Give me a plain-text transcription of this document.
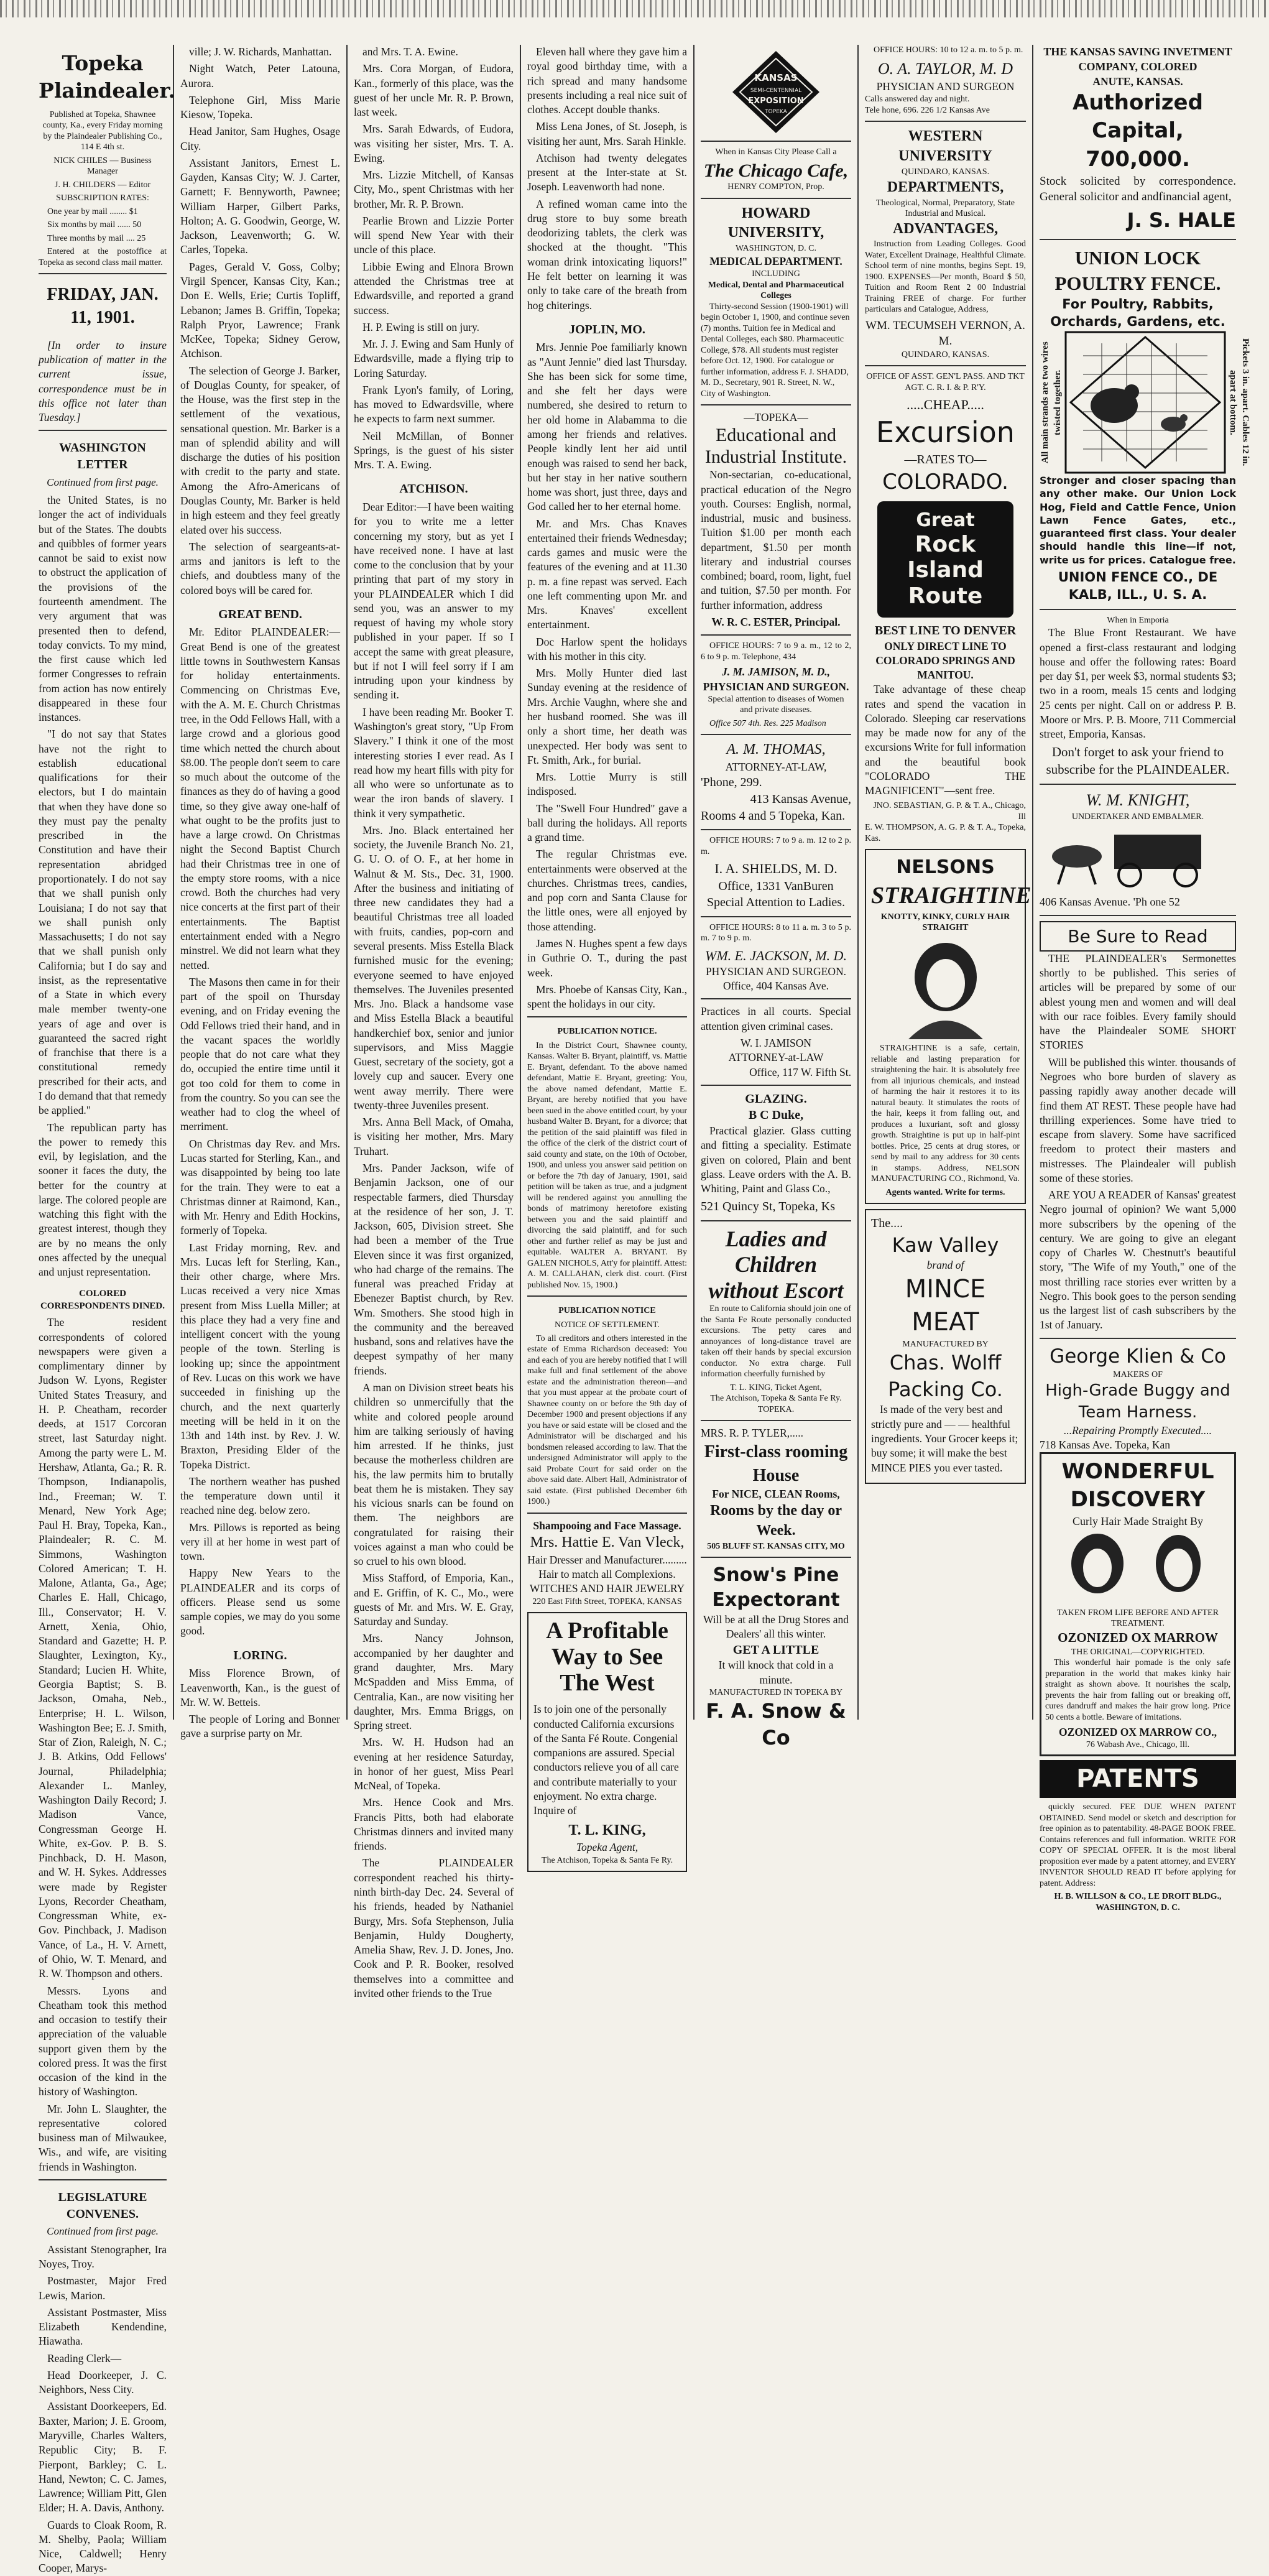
Topeka Plaindealer.

Published at Topeka, Shawnee county, Ka., every Friday morning by the Plaindealer Publishing Co., 114 E 4th st.

NICK CHILES — Business Manager

J. H. CHILDERS — Editor

SUBSCRIPTION RATES:

One year by mail ........ $1

Six months by mail ...... 50

Three months by mail .... 25

Entered at the postoffice at Topeka as second class mail matter.

FRIDAY, JAN. 11, 1901.

[In order to insure publication of matter in the current issue, correspondence must be in this office not later than Tuesday.]

WASHINGTON LETTER
Continued from first page.

the United States, is no longer the act of individuals but of the States. The doubts and quibbles of former years cannot be said to exist now to obstruct the application of the provisions of the fourteenth amendment. The very argument that was presented then to defend, today convicts. To my mind, the first cause which led former Congresses to refrain from action has now entirely disappeared in these four instances.

"I do not say that States have not the right to establish educational qualifications for their electors, but I do maintain that when they have done so they must pay the penalty prescribed in the Constitution and have their representation abridged proportionately. I do not say that we shall punish only Louisiana; I do not say that we shall punish only Massachusetts; I do not say that we shall punish only California; but I do say and insist, as the representative of a State in which every male member twenty-one years of age and over is guaranteed the sacred right of franchise that there is a constitutional remedy prescribed for their acts, and I do demand that that remedy be applied."

The republican party has the power to remedy this evil, by legislation, and the sooner it faces the duty, the better for the country at large. The colored people are watching this fight with the greatest interest, though they are by no means the only ones affected by the unequal and unjust representation.

COLORED CORRESPONDENTS DINED.

The resident correspondents of colored newspapers were given a complimentary dinner by Judson W. Lyons, Register United States Treasury, and H. P. Cheatham, recorder deeds, at 1517 Corcoran street, last Saturday night. Among the party were L. M. Hershaw, Atlanta, Ga.; R. R. Thompson, Indianapolis, Ind., Freeman; W. T. Menard, New York Age; Paul H. Bray, Topeka, Kan., Plaindealer; R. C. M. Simmons, Washington Colored American; T. H. Malone, Atlanta, Ga., Age; Charles E. Hall, Chicago, Ill., Conservator; H. V. Arnett, Xenia, Ohio, Standard and Gazette; H. P. Slaughter, Lexington, Ky., Standard; Lucien H. White, Georgia Baptist; S. B. Jackson, Omaha, Neb., Enterprise; H. L. Wilson, Washington Bee; E. J. Smith, Star of Zion, Raleigh, N. C.; J. B. Atkins, Odd Fellows' Journal, Philadelphia; Alexander L. Manley, Washington Daily Record; J. Madison Vance, Congressman George H. White, ex-Gov. P. B. S. Pinchback, D. H. Mason, and W. H. Sykes. Addresses were made by Register Lyons, Recorder Cheatham, Congressman White, ex-Gov. Pinchback, J. Madison Vance, of La., H. V. Arnett, of Ohio, W. T. Menard, and R. W. Thompson and others.

Messrs. Lyons and Cheatham took this method and occasion to testify their appreciation of the valuable support given them by the colored press. It was the first occasion of the kind in the history of Washington.

Mr. John L. Slaughter, the representative colored business man of Milwaukee, Wis., and wife, are visiting friends in Washington.

LEGISLATURE CONVENES.
Continued from first page.

Assistant Stenographer, Ira Noyes, Troy.

Postmaster, Major Fred Lewis, Marion.

Assistant Postmaster, Miss Elizabeth Kendendine, Hiawatha.

Reading Clerk—

Head Doorkeeper, J. C. Neighbors, Ness City.

Assistant Doorkeepers, Ed. Baxter, Marion; J. E. Groom, Maryville, Charles Walters, Republic City; B. F. Pierpont, Barkley; C. L. Hand, Newton; C. C. James, Lawrence; William Pitt, Glen Elder; H. A. Davis, Anthony.

Guards to Cloak Room, R. M. Shelby, Paola; William Nice, Caldwell; Henry Cooper, Marys-

ville; J. W. Richards, Manhattan.

Night Watch, Peter Latouna, Aurora.

Telephone Girl, Miss Marie Kiesow, Topeka.

Head Janitor, Sam Hughes, Osage City.

Assistant Janitors, Ernest L. Gayden, Kansas City; W. J. Carter, Garnett; F. Bennyworth, Pawnee; William Harper, Gilbert Parks, Holton; A. G. Goodwin, George, W. Jackson, Leavenworth; G. W. Carles, Topeka.

Pages, Gerald V. Goss, Colby; Virgil Spencer, Kansas City, Kan.; Don E. Wells, Erie; Curtis Topliff, Lebanon; James B. Griffin, Topeka; Ralph Pryor, Lawrence; Frank McKee, Topeka; Sidney Gerow, Atchison.

The selection of George J. Barker, of Douglas County, for speaker, of the House, was the first step in the settlement of the vexatious, sensational question. Mr. Barker is a man of splendid ability and will discharge the duties of his position with credit to the party and state. Among the Afro-Americans of Douglas County, Mr. Barker is held in high esteem and they feel greatly elated over his success.

The selection of seargeants-at-arms and janitors is left to the chiefs, and doubtless many of the colored boys will be cared for.

GREAT BEND.

Mr. Editor PLAINDEALER:—Great Bend is one of the greatest little towns in Southwestern Kansas for holiday entertainments. Commencing on Christmas Eve, with the A. M. E. Church Christmas tree, in the Odd Fellows Hall, with a large crowd and a glorious good time which netted the church about $8.00. The people don't seem to care so much about the outcome of the finances as they do of having a good time, so they give away one-half of what ought to be the profits just to have a large crowd. On Christmas night the Second Baptist Church had their Christmas tree in one of the empty store rooms, with a nice crowd. Both the churches had very nice concerts at the first part of their entertainments. The Baptist entertainment ended with a Negro minstrel. We did not learn what they netted.

The Masons then came in for their part of the spoil on Thursday evening, and on Friday evening the Odd Fellows tried their hand, and in the vacant spaces the worldly people that do not care what they do, occupied the entire time until it got too cold for them to come in from the country. So you can see the weather had to clog the wheel of merriment.

On Christmas day Rev. and Mrs. Lucas started for Sterling, Kan., and was disappointed by being too late for the train. They were to eat a Christmas dinner at Raimond, Kan., with Mr. Henry and Edith Hockins, formerly of Topeka.

Last Friday morning, Rev. and Mrs. Lucas left for Sterling, Kan., their other charge, where Mrs. Lucas received a very nice Xmas present from Miss Luella Miller; at this place they had a very fine and intelligent concert with the young people of the town. Sterling is looking up; since the appointment of Rev. Lucas on this work we have succeeded in finishing up the church, and the next quarterly meeting will be held in it on the 13th and 14th inst. by Rev. J. W. Braxton, Presiding Elder of the Topeka District.

The northern weather has pushed the temperature down until it reached nine deg. below zero.

Mrs. Pillows is reported as being very ill at her home in west part of town.

Happy New Years to the PLAINDEALER and its corps of officers. Please send us some sample copies, we may do you some good.

LORING.

Miss Florence Brown, of Leavenworth, Kan., is the guest of Mr. W. W. Betteis.

The people of Loring and Bonner gave a surprise party on Mr.

and Mrs. T. A. Ewine.

Mrs. Cora Morgan, of Eudora, Kan., formerly of this place, was the guest of her uncle Mr. R. P. Brown, last week.

Mrs. Sarah Edwards, of Eudora, was visiting her sister, Mrs. T. A. Ewing.

Mrs. Lizzie Mitchell, of Kansas City, Mo., spent Christmas with her brother, Mr. R. P. Brown.

Pearlie Brown and Lizzie Porter will spend New Year with their uncle of this place.

Libbie Ewing and Elnora Brown attended the Christmas tree at Edwardsville, and reported a grand success.

H. P. Ewing is still on jury.

Mr. J. J. Ewing and Sam Hunly of Edwardsville, made a flying trip to Loring Saturday.

Frank Lyon's family, of Loring, has moved to Edwardsville, where he expects to farm next summer.

Neil McMillan, of Bonner Springs, is the guest of his sister Mrs. T. A. Ewing.

ATCHISON.

Dear Editor:—I have been waiting for you to write me a letter concerning my story, but as yet I have received none. I have at last come to the conclusion that by your printing that part of my story in your PLAINDEALER which I did send you, was an answer to my request of having my whole story published in your paper. If so I accept the same with great pleasure, but if not I will feel sorry if I am intruding upon your kindness by sending it.

I have been reading Mr. Booker T. Washington's great story, "Up From Slavery." I think it one of the most interesting stories I ever read. As I read how my heart fills with pity for all who were so unfortunate as to wear the iron bands of slavery. I think it very sympathetic.

Mrs. Jno. Black entertained her society, the Juvenile Branch No. 21, G. U. O. of O. F., at her home in Walnut & M. Sts., Dec. 31, 1900. After the business and initiating of three new candidates they had a beautiful Christmas tree all loaded with fruits, candies, pop-corn and several presents. Miss Estella Black furnished music for the evening; everyone seemed to have enjoyed themselves. The Juveniles presented Mrs. Jno. Black a handsome vase and Miss Estella Black a beautiful handkerchief box, senior and junior supervisors, and Miss Maggie Guest, secretary of the society, got a lovely cup and saucer. Every one went away merrily. There were twenty-three Juveniles present.

Mrs. Anna Bell Mack, of Omaha, is visiting her mother, Mrs. Mary Truhart.

Mrs. Pander Jackson, wife of Benjamin Jackson, one of our respectable farmers, died Thursday at the residence of her son, J. T. Jackson, 605, Division street. She had been a member of the True Eleven since it was first organized, who had charge of the remains. The funeral was preached Friday at Ebenezer Baptist church, by Rev. Wm. Smothers. She stood high in the community and the bereaved husband, sons and relatives have the deepest sympathy of her many friends.

A man on Division street beats his children so unmercifully that the white and colored people around him are talking seriously of having him arrested. If he thinks, just because the motherless children are his, the law permits him to brutally beat them he is mistaken. They say his vicious snarls can be found on them. The neighbors are congratulated for raising their voices against a man who could be so cruel to his own blood.

Miss Stafford, of Emporia, Kan., and E. Griffin, of K. C., Mo., were guests of Mr. and Mrs. W. E. Gray, Saturday and Sunday.

Mrs. Nancy Johnson, accompanied by her daughter and grand daughter, Mrs. Mary McSpadden and Miss Emma, of Centralia, Kan., are now visiting her daughter, Mrs. Emma Briggs, on Spring street.

Mrs. W. H. Hudson had an evening at her residence Saturday, in honor of her guest, Miss Pearl McNeal, of Topeka.

Mrs. Hence Cook and Mrs. Francis Pitts, both had elaborate Christmas dinners and invited many friends.

The PLAINDEALER correspondent reached his thirty-ninth birth-day Dec. 24. Several of his friends, headed by Nathaniel Burgy, Mrs. Sofa Stephenson, Julia Benjamin, Huldy Dougherty, Amelia Shaw, Rev. J. D. Jones, Jno. Cook and P. R. Booker, resolved themselves into a committee and invited other friends to the True

Eleven hall where they gave him a royal good birthday time, with a rich spread and many handsome presents including a real nice suit of clothes. Accept double thanks.

Miss Lena Jones, of St. Joseph, is visiting her aunt, Mrs. Sarah Hinkle.

Atchison had twenty delegates present at the Inter-state at St. Joseph. Leavenworth had none.

A refined woman came into the drug store to buy some breath deodorizing tablets, the clerk was shocked at the thought. "This woman drink intoxicating liquors!" He felt better on learning it was only to take care of the breath from hog chiterings.

JOPLIN, MO.

Mrs. Jennie Poe familiarly known as "Aunt Jennie" died last Thursday. She has been sick for some time, and she felt her days were numbered, she desired to return to her old home in Alabamma to die among her friends and relatives. People kindly lent her aid until enough was raised to send her back, but her stay in her native southern home was short, just three, days and God called her to her eternal home.

Mr. and Mrs. Chas Knaves entertained their friends Wednesday; cards games and music were the features of the evening and at 11.30 p. m. a fine repast was served. Each one left commenting upon Mr. and Mrs. Knaves' excellent entertainment.

Doc Harlow spent the holidays with his mother in this city.

Mrs. Molly Hunter died last Sunday evening at the residence of Mrs. Archie Vaughn, where she and her husband roomed. She was ill only a short time, her death was unexpected. Her body was sent to Ft. Smith, Ark., for burial.

Mrs. Lottie Murry is still indisposed.

The "Swell Four Hundred" gave a ball during the holidays. All reports a grand time.

The regular Christmas eve. entertainments were observed at the churches. Christmas trees, candies, and pop corn and Santa Clause for the little ones, were all enjoyed by those attending.

James N. Hughes spent a few days in Guthrie O. T., during the past week.

Mrs. Phoebe of Kansas City, Kan., spent the holidays in our city.

PUBLICATION NOTICE.

In the District Court, Shawnee county, Kansas. Walter B. Bryant, plaintiff, vs. Mattie E. Bryant, defendant. To the above named defendant, Mattie E. Bryant, greeting: You, the above named defendant, Mattie E. Bryant, are hereby notified that you have been sued in the above entitled court, by your husband Walter B. Bryant, for a divorce; that the petition of the said plaintiff was filed in the office of the clerk of the district court of said county and state, on the 10th of October, 1900, and unless you answer said petition on or before the 7th day of January, 1901, said petition will be taken as true, and a judgment will be rendered against you annulling the bonds of matrimony heretofore existing between you and the said plaintiff and divorcing the said plaintiff, and for such other and further relief as may be just and equitable. WALTER A. BRYANT. By GALEN NICHOLS, Att'y for plaintiff. Attest: A. M. CALLAHAN, clerk dist. court. (First published Nov. 15, 1900.)

PUBLICATION NOTICE

NOTICE OF SETTLEMENT.

To all creditors and others interested in the estate of Emma Richardson deceased: You and each of you are hereby notified that I will make full and final settlement of the above estate and the administration thereon—and that you must appear at the probate court of Shawnee county on or before the 9th day of December 1900 and present objections if any you have or said estate will be closed and the Administrator will be discharged and his bondsmen released according to law. That the undersigned Administrator will apply to the said Probate Court for said order on the above said date. Albert Hall, Administrator of said estate. (First published December 6th 1900.)

Shampooing and Face Massage.
Mrs. Hattie E. Van Vleck,
Hair Dresser and Manufacturer.........
Hair to match all Complexions.
WITCHES AND HAIR JEWELRY
220 East Fifth Street, TOPEKA, KANSAS
A Profitable Way to See The West

Is to join one of the personally conducted California excursions of the Santa Fé Route. Congenial companions are assured. Special conductors relieve you of all care and contribute materially to your enjoyment. No extra charge. Inquire of

T. L. KING,
Topeka Agent,
The Atchison, Topeka & Santa Fe Ry.
KANSAS
SEMI-CENTENNIAL
EXPOSITION
TOPEKA

When in Kansas City Please Call a

The Chicago Cafe,

HENRY COMPTON, Prop.

HOWARD UNIVERSITY,
WASHINGTON, D. C.
MEDICAL DEPARTMENT.
INCLUDING
Medical, Dental and Pharmaceutical Colleges

Thirty-second Session (1900-1901) will begin October 1, 1900, and continue seven (7) months. Tuition fee in Medical and Dental Colleges, each $80. Pharmaceutic College, $78. All students must register before Oct. 12, 1900. For catalogue or further information, address F. J. SHADD, M. D., Secretary, 901 R. Street, N. W., City of Washington.

—TOPEKA—
Educational and Industrial Institute.

Non-sectarian, co-educational, practical education of the Negro youth. Courses: English, normal, industrial, music and business. Tuition $1.00 per month each department, $1.50 per month literary and industrial courses combined; board, room, light, fuel and tuition, $7.50 per month. For further information, address

W. R. C. ESTER, Principal.

OFFICE HOURS: 7 to 9 a. m., 12 to 2, 6 to 9 p. m. Telephone, 434

J. M. JAMISON, M. D.,
PHYSICIAN AND SURGEON.

Special attention to diseases of Women and private diseases.

Office 507 4th. Res. 225 Madison

A. M. THOMAS,
ATTORNEY-AT-LAW,
'Phone, 299.
413 Kansas Avenue,
Rooms 4 and 5 Topeka, Kan.

OFFICE HOURS: 7 to 9 a. m. 12 to 2 p. m.

I. A. SHIELDS, M. D.
Office, 1331 VanBuren
Special Attention to Ladies.

OFFICE HOURS: 8 to 11 a. m. 3 to 5 p. m. 7 to 9 p. m.

WM. E. JACKSON, M. D.
PHYSICIAN AND SURGEON.
Office, 404 Kansas Ave.

Practices in all courts. Special attention given criminal cases.

W. I. JAMISON
ATTORNEY-at-LAW
Office, 117 W. Fifth St.
GLAZING.
B C Duke,

Practical glazier. Glass cutting and fitting a speciality. Estimate given on colored, Plain and bent glass. Leave orders with the A. B. Whiting, Paint and Glass Co.,

521 Quincy St, Topeka, Ks
Ladies and Children without Escort

En route to California should join one of the Santa Fe Route personally conducted excursions. The petty cares and annoyances of long-distance travel are taken off their hands by special excursion conductor. No extra charge. Full information cheerfully furnished by

T. L. KING, Ticket Agent,
The Atchison, Topeka & Santa Fe Ry.
TOPEKA.
MRS. R. P. TYLER,.....
First-class rooming House
For NICE, CLEAN Rooms,
Rooms by the day or Week.
505 BLUFF ST. KANSAS CITY, MO
Snow's Pine
Expectorant
Will be at all the Drug Stores and Dealers' all this winter.
GET A LITTLE
It will knock that cold in a minute.
MANUFACTURED IN TOPEKA BY
F. A. Snow & Co

OFFICE HOURS: 10 to 12 a. m. to 5 p. m.

O. A. TAYLOR, M. D
PHYSICIAN AND SURGEON
Calls answered day and night.
Tele hone, 696. 226 1/2 Kansas Ave
WESTERN UNIVERSITY
QUINDARO, KANSAS.
DEPARTMENTS,
Theological, Normal, Preparatory, State Industrial and Musical.
ADVANTAGES,

Instruction from Leading Colleges. Good Water, Excellent Drainage, Healthful Climate. School term of nine months, begins Sept. 19, 1900. EXPENSES—Per month, Board $ 50, Tuition and Room Rent 2 00 Industrial Training FREE of charge. For further particulars and Catalogue, Address,

WM. TECUMSEH VERNON, A. M.
QUINDARO, KANSAS.

OFFICE OF ASST. GEN'L PASS. AND TKT AGT. C. R. I. & P. R'Y.

.....CHEAP.....
Excursion
—RATES TO—
COLORADO.
Great
Rock Island
Route
BEST LINE TO DENVER
ONLY DIRECT LINE TO COLORADO SPRINGS AND MANITOU.

Take advantage of these cheap rates and spend the vacation in Colorado. Sleeping car reservations may be made now for any of the excursions Write for full information and the beautiful book "COLORADO THE MAGNIFICENT"—sent free.

JNO. SEBASTIAN, G. P. & T. A., Chicago, Ill
E. W. THOMPSON, A. G. P. & T. A., Topeka, Kas.
NELSONS
STRAIGHTINE
KNOTTY, KINKY, CURLY HAIR STRAIGHT

STRAIGHTINE is a safe, certain, reliable and lasting preparation for straightening the hair. It is absolutely free from all injurious chemicals, and instead of harming the hair it restores it to its natural beauty. It stimulates the roots of the hair, keeps it from falling out, and produces a luxuriant, soft and glossy growth. Straightine is put up in half-pint bottles. Price, 25 cents at drug stores, or send by mail to any address for 30 cents in stamps. Address, NELSON MANUFACTURING CO., Richmond, Va.

Agents wanted. Write for terms.
The....
Kaw Valley
brand of
MINCE MEAT
MANUFACTURED BY
Chas. Wolff Packing Co.

Is made of the very best and strictly pure and — — healthful ingredients. Your Grocer keeps it; buy some; it will make the best MINCE PIES you ever tasted.

THE KANSAS SAVING INVETMENT COMPANY, COLORED
ANUTE, KANSAS.
Authorized Capital, 700,000.

Stock solicited by correspondence. General solicitor and andfinancial agent,

J. S. HALE
UNION LOCK POULTRY FENCE.
For Poultry, Rabbits, Orchards, Gardens, etc.
All main strands are two wires twisted together.	Pickets 3 in. apart. Cables 12 in. apart at bottom.

Stronger and closer spacing than any other make. Our Union Lock Hog, Field and Cattle Fence, Union Lawn Fence Gates, etc., guaranteed first class. Your dealer should handle this line—if not, write us for prices. Catalogue free.

UNION FENCE CO., DE KALB, ILL., U. S. A.
When in Emporia

The Blue Front Restaurant. We have opened a first-class restaurant and lodging house and offer the following rates: Board per day $1, per week $3, normal students $3; two in a room, meals 15 cents and lodging 25 cents per night. Call on or address P. B. Moore or Mrs. P. B. Moore, 711 Commercial street, Emporia, Kansas.

Don't forget to ask your friend to subscribe for the PLAINDEALER.

W. M. KNIGHT,
UNDERTAKER AND EMBALMER.
406 Kansas Avenue. 'Ph one 52
Be Sure to Read

THE PLAINDEALER's Sermonettes shortly to be published. This series of articles will be prepared by some of our ablest young men and women and will deal with our race foibles. Every family should have the Plaindealer SOME SHORT STORIES

Will be published this winter. thousands of Negroes who bore burden of slavery as passing rapidly away another decade will find them AT REST. These people have had thrilling experiences. Some have tried to escape from slavery. Some have sacrificed freedom to protect their masters and mistresses. The Plaindealer will publish some of these stories.

ARE YOU A READER of Kansas' greatest Negro journal of opinion? We want 5,000 more subscribers by the opening of the century. We are going to give an elegant copy of Charles W. Chestnutt's beautiful story, "The Wife of my Youth," one of the most thrilling race stories ever written by a Negro. This book goes to the person sending us the largest list of cash subscribers by the 1st of January.

George Klien & Co
MAKERS OF
High-Grade Buggy and Team Harness.
...Repairing Promptly Executed....
718 Kansas Ave. Topeka, Kan
WONDERFUL
DISCOVERY
Curly Hair Made Straight By
TAKEN FROM LIFE BEFORE AND AFTER TREATMENT.
OZONIZED OX MARROW
THE ORIGINAL—COPYRIGHTED.

This wonderful hair pomade is the only safe preparation in the world that makes kinky hair straight as shown above. It nourishes the scalp, prevents the hair from falling out or breaking off, cures dandruff and makes the hair grow long. Price 50 cents a bottle. Beware of imitations.

OZONIZED OX MARROW CO.,
76 Wabash Ave., Chicago, Ill.
PATENTS

quickly secured. FEE DUE WHEN PATENT OBTAINED. Send model or sketch and description for free opinion as to patentability. 48-PAGE BOOK FREE. Contains references and full information. WRITE FOR COPY OF SPECIAL OFFER. It is the most liberal proposition ever made by a patent attorney, and EVERY INVENTOR SHOULD READ IT before applying for patent. Address:

H. B. WILLSON & CO., LE DROIT BLDG., WASHINGTON, D. C.
